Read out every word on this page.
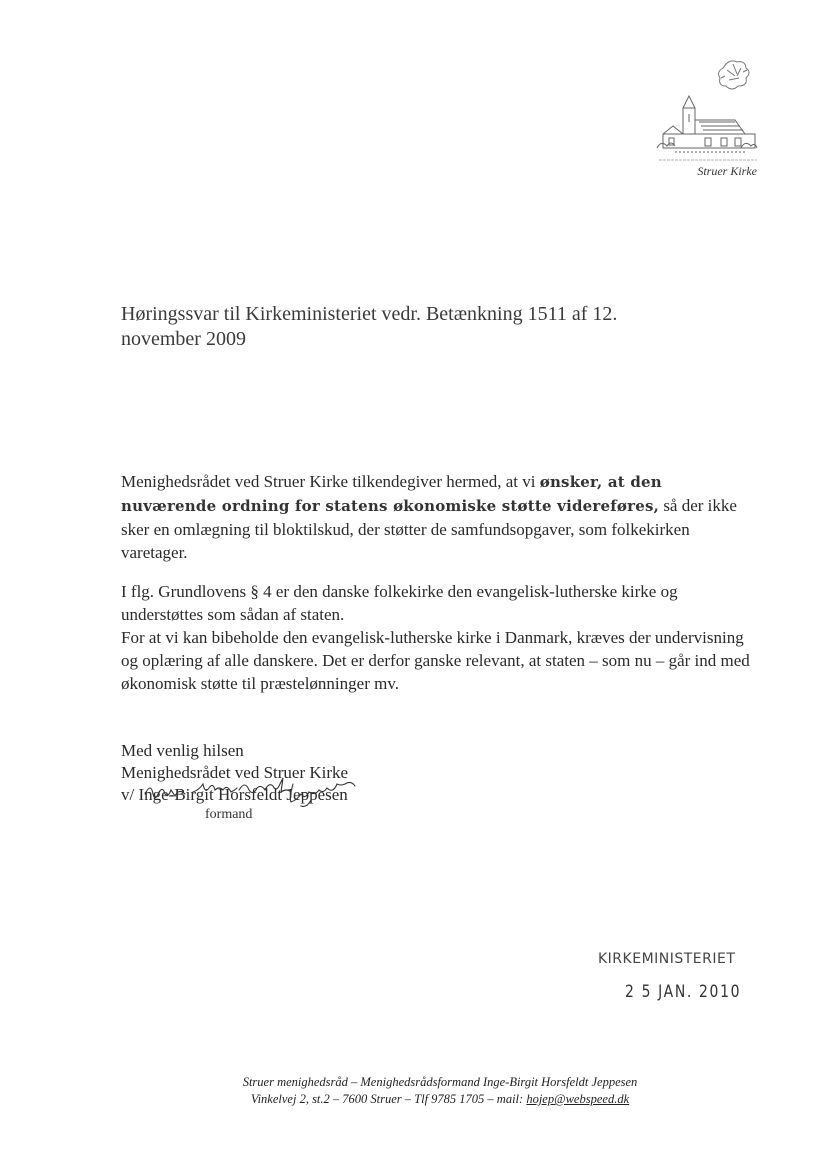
Struer Kirke
Høringssvar til Kirkeministeriet vedr. Betænkning 1511 af 12.
november 2009

Menighedsrådet ved Struer Kirke tilkendegiver hermed, at vi ønsker, at den nuværende ordning for statens økonomiske støtte videreføres, så der ikke sker en omlægning til bloktilskud, der støtter de samfundsopgaver, som folkekirken varetager.

I flg. Grundlovens § 4 er den danske folkekirke den evangelisk-lutherske kirke og understøttes som sådan af staten.

For at vi kan bibeholde den evangelisk-lutherske kirke i Danmark, kræves der undervisning og oplæring af alle danskere. Det er derfor ganske relevant, at staten – som nu – går ind med økonomisk støtte til præstelønninger mv.

Med venlig hilsen
Menighedsrådet ved Struer Kirke
v/ Inge-Birgit Horsfeldt Jeppesen
formand
KIRKEMINISTERIET
2 5 JAN. 2010
Struer menighedsråd – Menighedsrådsformand Inge-Birgit Horsfeldt Jeppesen
Vinkelvej 2, st.2 – 7600 Struer – Tlf 9785 1705 – mail: hojep@webspeed.dk
